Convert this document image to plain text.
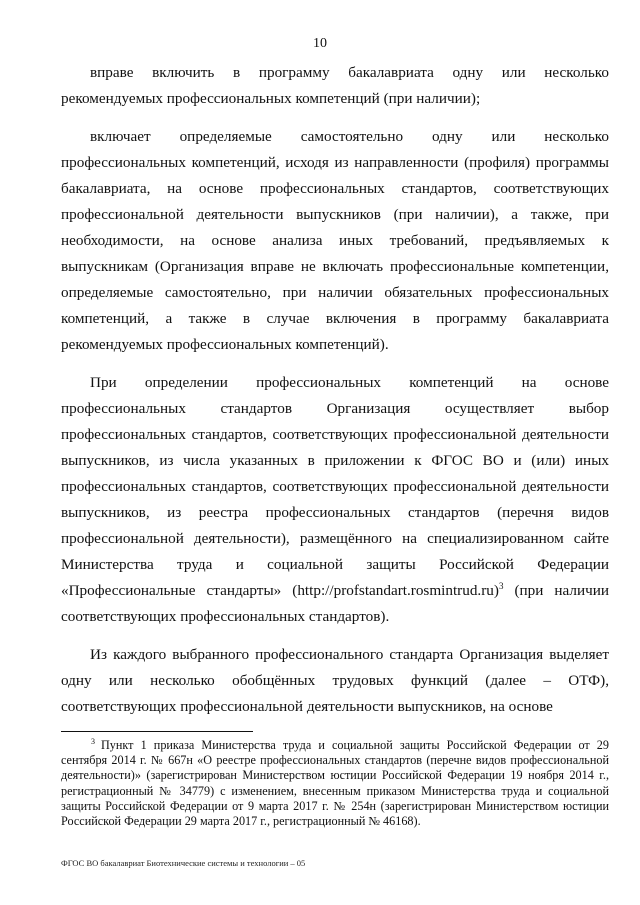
10

вправе включить в программу бакалавриата одну или несколько рекомендуемых профессиональных компетенций (при наличии);

включает определяемые самостоятельно одну или несколько профессиональных компетенций, исходя из направленности (профиля) программы бакалавриата, на основе профессиональных стандартов, соответствующих профессиональной деятельности выпускников (при наличии), а также, при необходимости, на основе анализа иных требований, предъявляемых к выпускникам (Организация вправе не включать профессиональные компетенции, определяемые самостоятельно, при наличии обязательных профессиональных компетенций, а также в случае включения в программу бакалавриата рекомендуемых профессиональных компетенций).

При определении профессиональных компетенций на основе профессиональных стандартов Организация осуществляет выбор профессиональных стандартов, соответствующих профессиональной деятельности выпускников, из числа указанных в приложении к ФГОС ВО и (или) иных профессиональных стандартов, соответствующих профессиональной деятельности выпускников, из реестра профессиональных стандартов (перечня видов профессиональной деятельности), размещённого на специализированном сайте Министерства труда и социальной защиты Российской Федерации «Профессиональные стандарты» (http://profstandart.rosmintrud.ru)$^3$ (при наличии соответствующих профессиональных стандартов).

Из каждого выбранного профессионального стандарта Организация выделяет одну или несколько обобщённых трудовых функций (далее – ОТФ), соответствующих профессиональной деятельности выпускников, на основе

$^3$ Пункт 1 приказа Министерства труда и социальной защиты Российской Федерации от 29 сентября 2014 г. № 667н «О реестре профессиональных стандартов (перечне видов профессиональной деятельности)» (зарегистрирован Министерством юстиции Российской Федерации 19 ноября 2014 г., регистрационный № 34779) с изменением, внесенным приказом Министерства труда и социальной защиты Российской Федерации от 9 марта 2017 г. № 254н (зарегистрирован Министерством юстиции Российской Федерации 29 марта 2017 г., регистрационный № 46168).
ФГОС ВО бакалавриат Биотехнические системы и технологии – 05
